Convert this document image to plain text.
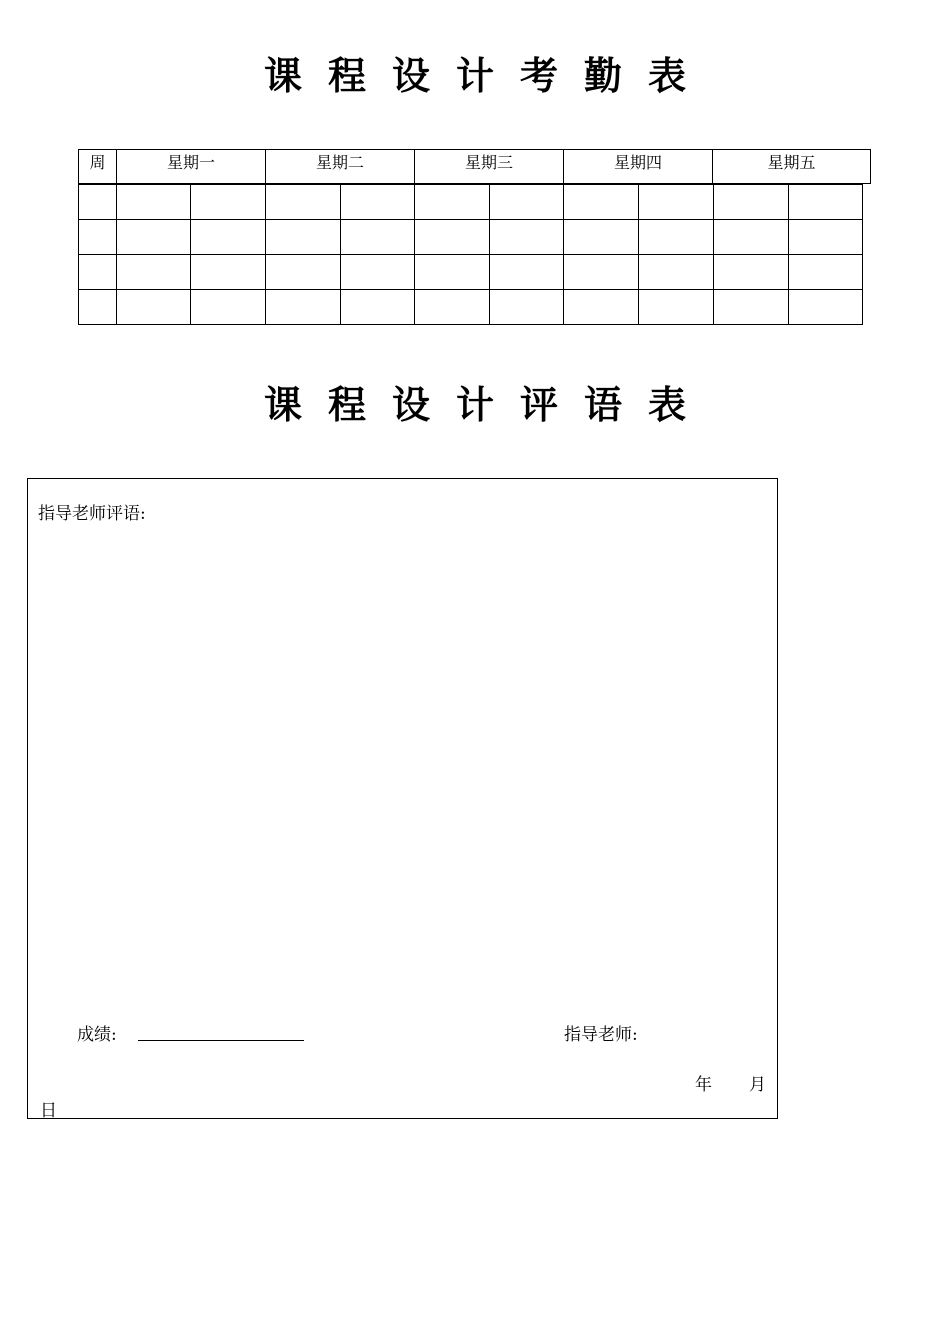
课程设计考勤表
周	星期一	星期二	星期三	星期四	星期五
课程设计评语表
指导老师评语:
成绩:	指导老师:
年 月
日
